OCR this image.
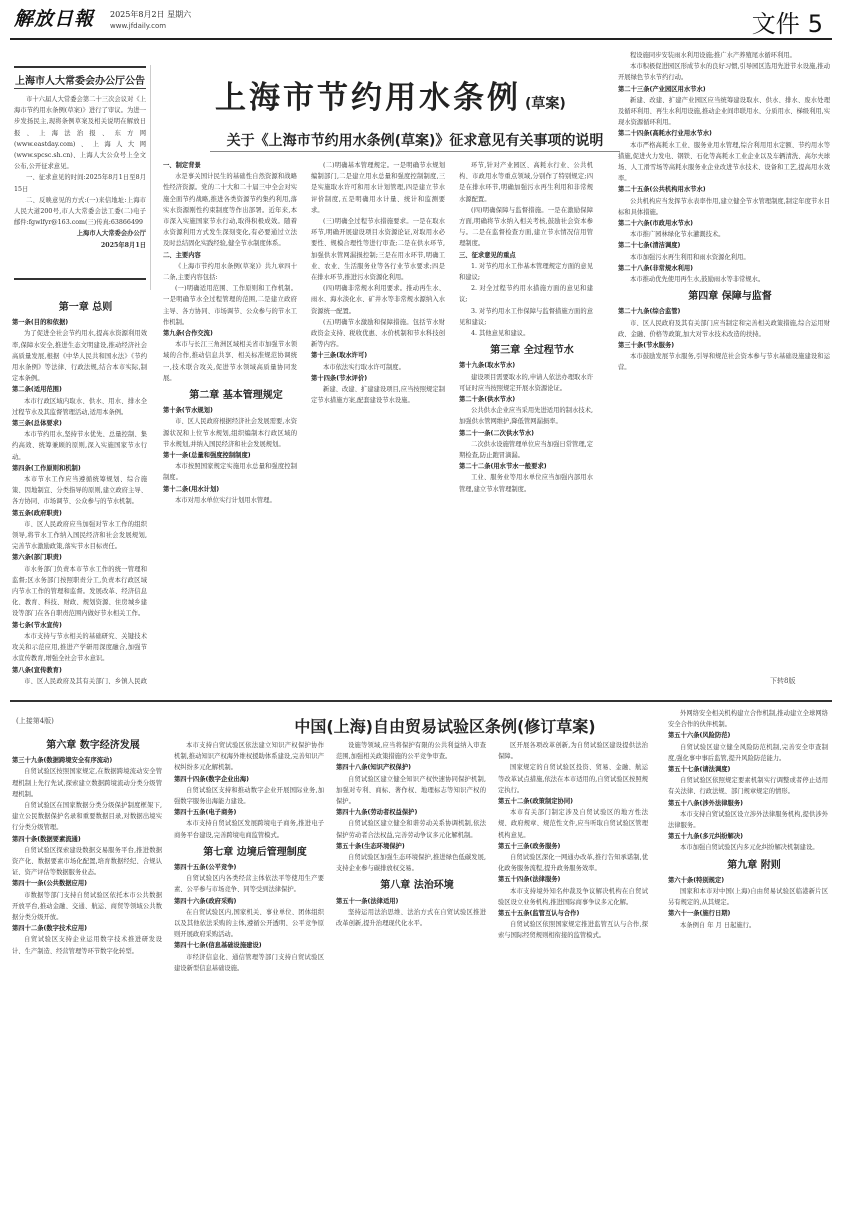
解放日報 2025年8月2日 星期六
www.jfdaily.com	文件 5
上海市人大常委会办公厅公告

市十六届人大常委会第二十三次会议对《上海市节约用水条例(草案)》进行了审议。为进一步发扬民主,现将条例草案及相关说明在解放日报、上海法治报、东方网(www.eastday.com)、上海人大网(www.spcsc.sh.cn)、上海人大公众号上全文公布,公开征求意见。

一、征求意见的时间:2025年8月1日至8月15日

二、反映意见的方式:(一)来信地址:上海市人民大道200号,市人大常委会法工委(二)电子邮件:fgwlfyr@163.com(三)传真:63866499

上海市人大常委会办公厅

2025年8月1日

上海市节约用水条例 (草案)
关于《上海市节约用水条例(草案)》征求意见有关事项的说明

第一章 总则

第一条(目的和依据)

为了促进全社会节约用水,提高水资源利用效率,保障水安全,推进生态文明建设,推动经济社会高质量发展,根据《中华人民共和国水法》《节约用水条例》等法律、行政法规,结合本市实际,制定本条例。

第二条(适用范围)

本市行政区域内取水、供水、用水、排水全过程节水及其监督管理活动,适用本条例。

第三条(总体要求)

本市节约用水,坚持节水优先、总量控制、集约高效、统筹兼顾的原则,深入实施国家节水行动。

第四条(工作原则和机制)

本市节水工作应当遵循统筹规划、综合施策、因地制宜、分类指导的原则,建立政府主导、各方协同、市场调节、公众参与的节水机制。

第五条(政府职责)

市、区人民政府应当加强对节水工作的组织领导,将节水工作纳入国民经济和社会发展规划,完善节水激励政策,落实节水目标责任。

第六条(部门职责)

市水务部门负责本市节水工作的统一管理和监督;区水务部门按照职责分工,负责本行政区域内节水工作的管理和监督。发展改革、经济信息化、教育、科技、财政、规划资源、住房城乡建设等部门在各自职责范围内做好节水相关工作。

第七条(节水宣传)

本市支持与节水相关的基础研究、关键技术攻关和示范应用,推进产学研用深度融合,加强节水宣传教育,增强全社会节水意识。

第八条(宣传教育)

市、区人民政府及其有关部门、乡镇人民政

一、制定背景

水是事关国计民生的基础性自然资源和战略性经济资源。党的二十大和二十届三中全会对实施全面节约战略,推进各类资源节约集约利用,落实水资源刚性约束制度等作出部署。近年来,本市深入实施国家节水行动,取得积极成效。随着水资源利用方式发生深刻变化,有必要通过立法及时总结固化实践经验,健全节水制度体系。

二、主要内容

《上海市节约用水条例(草案)》共九章四十二条,主要内容包括:

(一)明确适用范围、工作原则和工作机制。一是明确节水全过程管理的范围,二是建立政府主导、各方协同、市场调节、公众参与的节水工作机制。

第九条(合作交流)

本市与长江三角洲区域相关省市加强节水领域的合作,推动信息共享、相关标准规范协调统一,技术联合攻关,促进节水领域高质量协同发展。

第二章 基本管理规定

第十条(节水规划)

市、区人民政府根据经济社会发展需要,水资源状况和上位节水规划,组织编制本行政区域的节水规划,并纳入国民经济和社会发展规划。

第十一条(总量和强度控制制度)

本市按照国家规定实施用水总量和强度控制制度。

第十二条(用水计划)

本市对用水单位实行计划用水管理。

(二)明确基本管理规定。一是明确节水规划编制部门,二是建立用水总量和强度控制制度,三是实施取水许可和用水计划管理,四是建立节水评价制度,五是明确用水计量、统计和监测要求。

(三)明确全过程节水措施要求。一是在取水环节,明确开展建设项目水资源论证,对取用水必要性、规模合理性等进行审查;二是在供水环节,加强供水管网漏损控制;三是在用水环节,明确工业、农业、生活服务业等各行业节水要求;四是在排水环节,推进污水资源化利用。

(四)明确非常规水利用要求。推动再生水、雨水、海水淡化水、矿井水等非常规水源纳入水资源统一配置。

(五)明确节水激励和保障措施。包括节水财政资金支持、税收优惠、水价机制和节水科技创新等内容。

第十三条(取水许可)

本市依法实行取水许可制度。

第十四条(节水评价)

新建、改建、扩建建设项目,应当按照规定制定节水措施方案,配套建设节水设施。

环节,针对产业园区、高耗水行业、公共机构、市政用水等重点领域,分别作了特别规定;四是在排水环节,明确加强污水再生利用和非常规水源配置。

(四)明确保障与监督措施。一是在激励保障方面,明确将节水纳入相关考核,鼓励社会资本参与。二是在监督检查方面,建立节水情况信用管理制度。

三、征求意见的重点

1. 对节约用水工作基本管理规定方面的意见和建议;

2. 对全过程节约用水措施方面的意见和建议;

3. 对节约用水工作保障与监督措施方面的意见和建议;

4. 其他意见和建议。

第三章 全过程节水

第十九条(取水节水)

建设项目需要取水的,申请人依法办理取水许可证时应当按照规定开展水资源论证。

第二十条(供水节水)

公共供水企业应当采用先进适用的制水技术,加强供水管网维护,降低管网漏损率。

第二十一条(二次供水节水)

二次供水设施管理单位应当加强日常管理,定期检查,防止跑冒滴漏。

第二十二条(用水节水一般要求)

工业、服务业等用水单位应当加强内部用水管理,建立节水管理制度。

程设施同步安装雨水利用设施;推广水产养殖尾水循环利用。

本市积极促进园区形成节水的良好习惯,引导园区选用先进节水设施,推动开展绿色节水节约行动。

第二十三条(产业园区用水节水)

新建、改建、扩建产业园区应当统筹建设取水、供水、排水、废水处理及循环利用、再生水利用设施,推动企业间串联用水、分质用水、梯级利用,实现水资源循环利用。

第二十四条(高耗水行业用水节水)

本市严格高耗水工业、服务业用水管理,综合利用用水定额、节约用水等措施,促进火力发电、钢铁、石化等高耗水工业企业以及车辆清洗、高尔夫球场、人工滑雪场等高耗水服务业企业改进节水技术、设备和工艺,提高用水效率。

第二十五条(公共机构用水节水)

公共机构应当发挥节水表率作用,建立健全节水管理制度,制定年度节水目标和具体措施。

第二十六条(市政用水节水)

本市推广园林绿化节水灌溉技术。

第二十七条(清洁调度)

本市加强污水再生利用和雨水资源化利用。

第二十八条(非常规水利用)

本市推动优先使用再生水,鼓励雨水等非常规水。

第四章 保障与监督

第二十九条(综合监管)

市、区人民政府及其有关部门应当制定和完善相关政策措施,综合运用财政、金融、价格等政策,加大对节水技术改造的扶持。

第三十条(节水服务)

本市鼓励发展节水服务,引导和规范社会资本参与节水基础设施建设和运营。

下转8版
中国(上海)自由贸易试验区条例(修订草案)
(上接第4版)

第六章 数字经济发展

第三十九条(数据跨境安全有序流动)

自贸试验区按照国家规定,在数据跨境流动安全管理机制上先行先试,探索建立数据跨境流动分类分级管理机制。

自贸试验区在国家数据分类分级保护制度框架下,建立公民数据保护名录和重要数据目录,对数据出境实行分类分级管理。

第四十条(数据要素流通)

自贸试验区探索建设数据交易服务平台,推进数据资产化、数据要素市场化配置,培育数据经纪、合规认证、资产评估等数据服务业态。

第四十一条(公共数据应用)

市数据等部门支持自贸试验区依托本市公共数据开放平台,推动金融、交通、航运、商贸等领域公共数据分类分级开放。

第四十二条(数字技术应用)

自贸试验区支持企业运用数字技术推进研发设计、生产制造、经营管理等环节数字化转型。

本市支持自贸试验区依法建立知识产权保护协作机制,推动知识产权海外维权援助体系建设,完善知识产权纠纷多元化解机制。

第四十四条(数字企业出海)

自贸试验区支持和推动数字企业开展国际业务,加强数字服务出海能力建设。

第四十五条(电子商务)

本市支持自贸试验区发展跨境电子商务,推进电子商务平台建设,完善跨境电商监管模式。

第七章 边境后管理制度

第四十五条(公平竞争)

自贸试验区内各类经营主体依法平等使用生产要素、公平参与市场竞争、同等受到法律保护。

第四十六条(政府采购)

在自贸试验区内,国家机关、事业单位、团体组织以及其他依法采购的主体,遵循公开透明、公平竞争原则开展政府采购活动。

第四十七条(信息基础设施建设)

市经济信息化、通信管理等部门支持自贸试验区建设新型信息基础设施。

设施等领域,应当将保护有限的公共利益纳入审查范围,加强相关政策措施的公平竞争审查。

第四十八条(知识产权保护)

自贸试验区建立健全知识产权快速协同保护机制,加强对专利、商标、著作权、地理标志等知识产权的保护。

第四十九条(劳动者权益保护)

自贸试验区建立健全和谐劳动关系协调机制,依法保护劳动者合法权益,完善劳动争议多元化解机制。

第五十条(生态环境保护)

自贸试验区加强生态环境保护,推进绿色低碳发展,支持企业参与碳排放权交易。

第八章 法治环境

第五十一条(法律适用)

坚持运用法治思维、法治方式在自贸试验区推进改革创新,提升治理现代化水平。

区开展各项改革创新,为自贸试验区建设提供法治保障。

国家规定的自贸试验区投资、贸易、金融、航运等改革试点措施,依法在本市适用的,自贸试验区按照规定执行。

第五十二条(政策制定协同)

本市有关部门制定涉及自贸试验区的地方性法规、政府规章、规范性文件,应当听取自贸试验区管理机构意见。

第五十三条(政务服务)

自贸试验区深化一网通办改革,推行告知承诺制,优化政务服务流程,提升政务服务效率。

第五十四条(法律服务)

本市支持境外知名仲裁及争议解决机构在自贸试验区设立业务机构,推进国际商事争议多元化解。

第五十五条(监管互认与合作)

自贸试验区依照国家规定推进监管互认与合作,探索与国际经贸规则相衔接的监管模式。

外网络安全相关机构建立合作机制,推动建立全球网络安全合作的伙伴机制。

第五十六条(风险防范)

自贸试验区建立健全风险防范机制,完善安全审查制度,强化事中事后监管,提升风险防范能力。

第五十七条(请法调度)

自贸试验区依照规定要素机制实行调整或者停止适用有关法律、行政法规、部门规章规定的情形。

第五十八条(涉外法律服务)

本市支持自贸试验区设立涉外法律服务机构,提供涉外法律服务。

第五十九条(多元纠纷解决)

本市加强自贸试验区内多元化纠纷解决机制建设。

第九章 附则

第六十条(特别规定)

国家和本市对中国(上海)自由贸易试验区临港新片区另有规定的,从其规定。

第六十一条(施行日期)

本条例自 年 月 日起施行。
